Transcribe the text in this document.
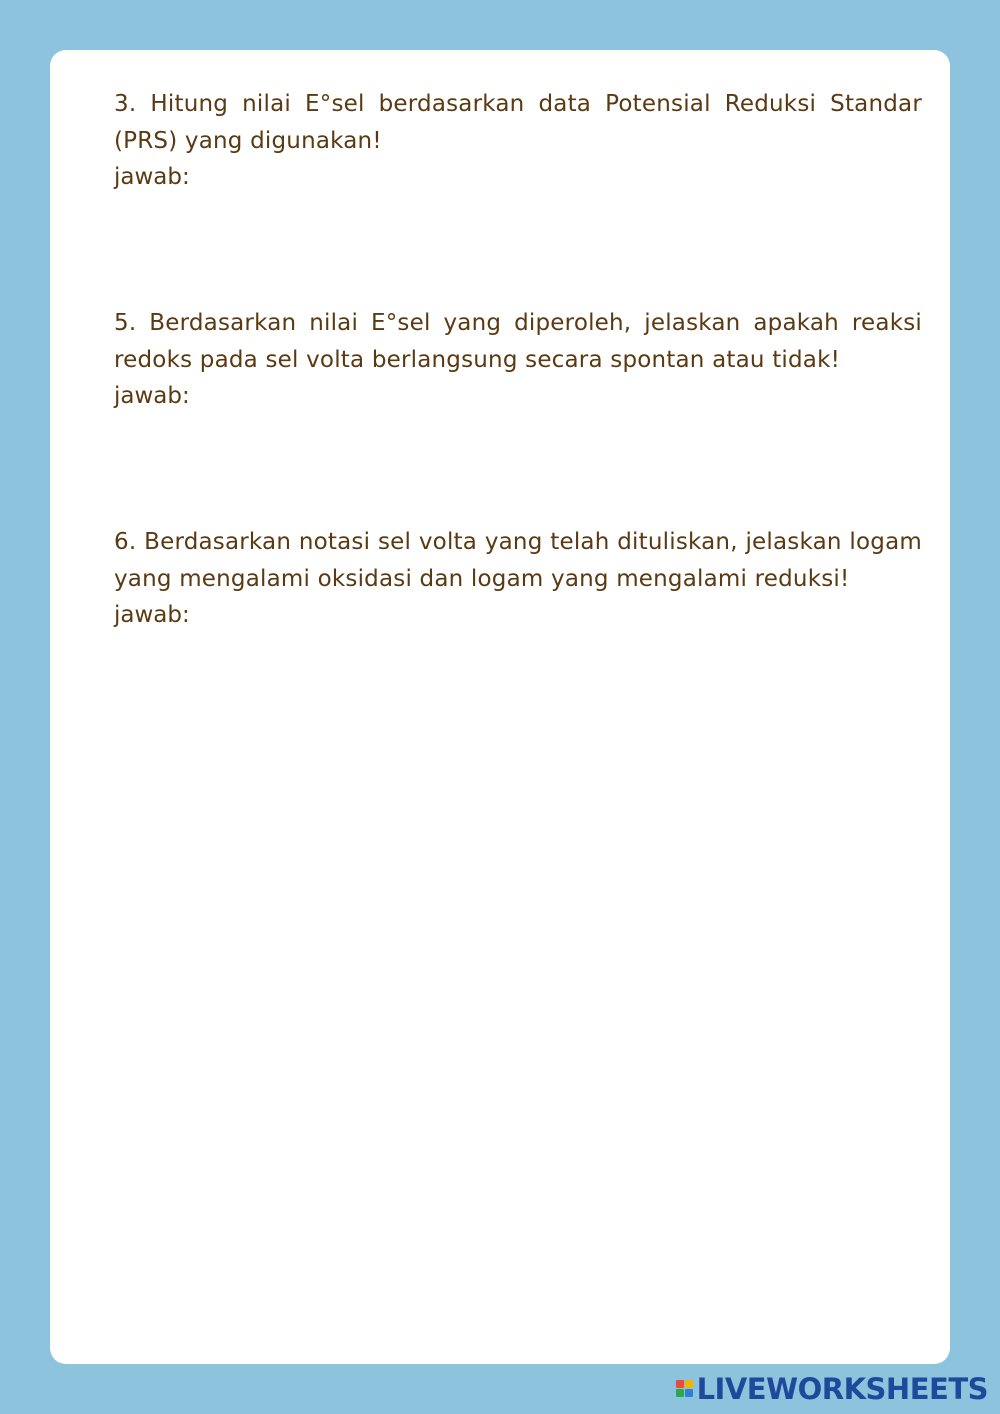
3. Hitung nilai E°sel berdasarkan data Potensial Reduksi Standar (PRS) yang digunakan!

jawab:

5. Berdasarkan nilai E°sel yang diperoleh, jelaskan apakah reaksi redoks pada sel volta berlangsung secara spontan atau tidak!

jawab:

6. Berdasarkan notasi sel volta yang telah dituliskan, jelaskan logam yang mengalami oksidasi dan logam yang mengalami reduksi!

jawab:

LIVEWORKSHEETS
